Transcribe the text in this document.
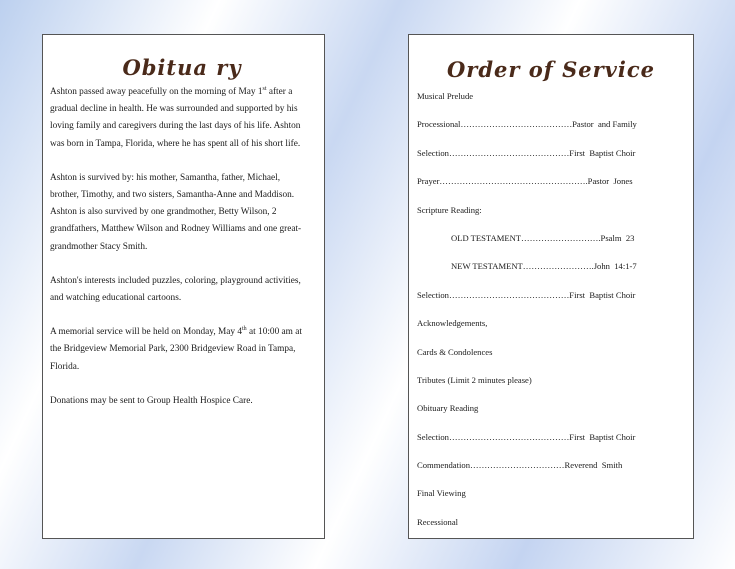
Obitua ry

Ashton passed away peacefully on the morning of May 1st after a

gradual decline in health. He was surrounded and supported by his

loving family and caregivers during the last days of his life. Ashton

was born in Tampa, Florida, where he has spent all of his short life.

Ashton is survived by: his mother, Samantha, father, Michael,

brother, Timothy, and two sisters, Samantha-Anne and Maddison.

Ashton is also survived by one grandmother, Betty Wilson, 2

grandfathers, Matthew Wilson and Rodney Williams and one great-

grandmother Stacy Smith.

Ashton's interests included puzzles, coloring, playground activities,

and watching educational cartoons.

A memorial service will be held on Monday, May 4th at 10:00 am at

the Bridgeview Memorial Park, 2300 Bridgeview Road in Tampa,

Florida.

Donations may be sent to Group Health Hospice Care.

Order of Service
Musical Prelude
Processional…………………………………Pastor  and Family
Selection……………………………………First  Baptist Choir
Prayer…………………………………………….Pastor  Jones
Scripture Reading:
OLD TESTAMENT……………………….Psalm  23
NEW TESTAMENT…………………….John  14:1-7
Selection……………………………………First  Baptist Choir
Acknowledgements,
Cards & Condolences
Tributes (Limit 2 minutes please)
Obituary Reading
Selection……………………………………First  Baptist Choir
Commendation……………………………Reverend  Smith
Final Viewing
Recessional
